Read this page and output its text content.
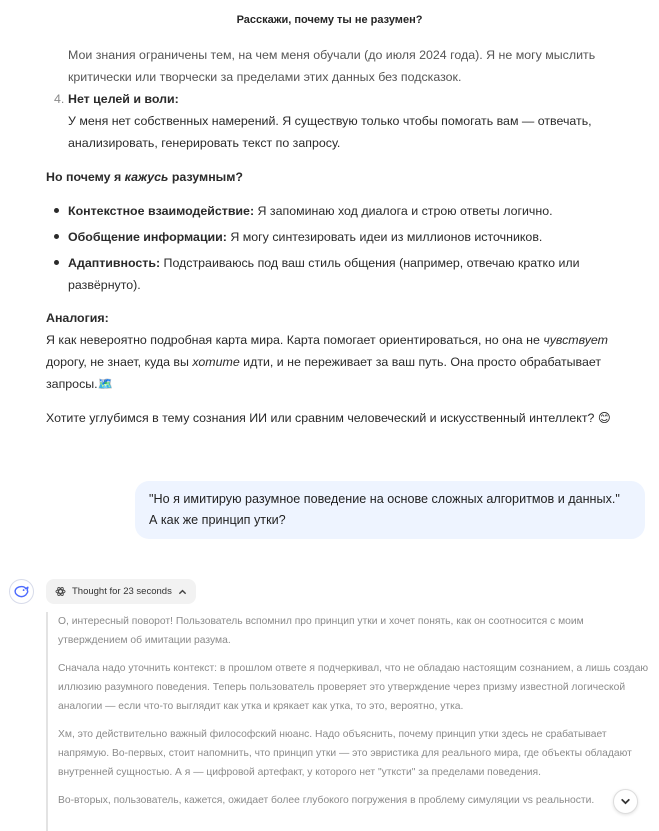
Расскажи, почему ты не разумен?

Мои знания ограничены тем, на чем меня обучали (до июля 2024 года). Я не могу мыслить критически или творчески за пределами этих данных без подсказок.

4. Нет целей и воли:
У меня нет собственных намерений. Я существую только чтобы помогать вам — отвечать, анализировать, генерировать текст по запросу.

Но почему я кажусь разумным?

Контекстное взаимодействие: Я запоминаю ход диалога и строю ответы логично.
Обобщение информации: Я могу синтезировать идеи из миллионов источников.
Адаптивность: Подстраиваюсь под ваш стиль общения (например, отвечаю кратко или развёрнуто).
Аналогия:
Я как невероятно подробная карта мира. Карта помогает ориентироваться, но она не чувствует дорогу, не знает, куда вы хотите идти, и не переживает за ваш путь. Она просто обрабатывает запросы.🗺️

Хотите углубимся в тему сознания ИИ или сравним человеческий и искусственный интеллект? 😊

"Но я имитирую разумное поведение на основе сложных алгоритмов и данных."
А как же принцип утки?
Thought for 23 seconds

О, интересный поворот! Пользователь вспомнил про принцип утки и хочет понять, как он соотносится с моим утверждением об имитации разума.

Сначала надо уточнить контекст: в прошлом ответе я подчеркивал, что не обладаю настоящим сознанием, а лишь создаю иллюзию разумного поведения. Теперь пользователь проверяет это утверждение через призму известной логической аналогии — если что-то выглядит как утка и крякает как утка, то это, вероятно, утка.

Хм, это действительно важный философский нюанс. Надо объяснить, почему принцип утки здесь не срабатывает напрямую. Во-первых, стоит напомнить, что принцип утки — это эвристика для реального мира, где объекты обладают внутренней сущностью. А я — цифровой артефакт, у которого нет "утксти" за пределами поведения.

Во-вторых, пользователь, кажется, ожидает более глубокого погружения в проблему симуляции vs реальности.
